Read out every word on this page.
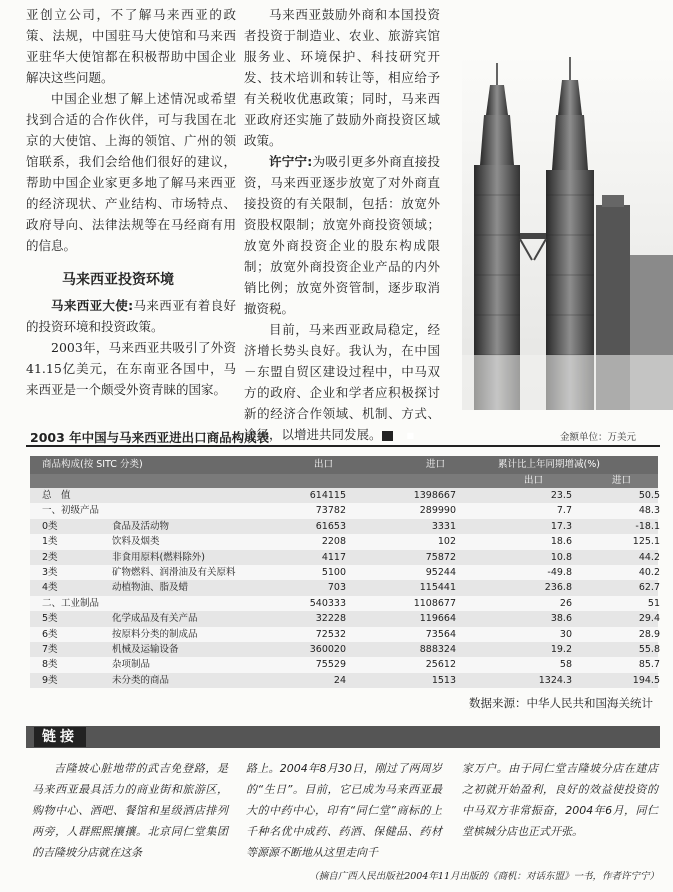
亚创立公司，不了解马来西亚的政策、法规，中国驻马大使馆和马来西亚驻华大使馆都在积极帮助中国企业解决这些问题。

中国企业想了解上述情况或希望找到合适的合作伙伴，可与我国在北京的大使馆、上海的领馆、广州的领馆联系，我们会给他们很好的建议，帮助中国企业家更多地了解马来西亚的经济现状、产业结构、市场特点、政府导向、法律法规等在马经商有用的信息。

马来西亚投资环境

马来西亚大使:马来西亚有着良好的投资环境和投资政策。

2003年，马来西亚共吸引了外资41.15亿美元，在东南亚各国中，马来西亚是一个颇受外资青睐的国家。

马来西亚鼓励外商和本国投资者投资于制造业、农业、旅游宾馆服务业、环境保护、科技研究开发、技术培训和转让等，相应给予有关税收优惠政策；同时，马来西亚政府还实施了鼓励外商投资区域政策。

许宁宁:为吸引更多外商直接投资，马来西亚逐步放宽了对外商直接投资的有关限制，包括：放宽外资股权限制；放宽外商投资领域；放宽外商投资企业的股东构成限制；放宽外商投资企业产品的内外销比例；放宽外资管制，逐步取消撤资税。

目前，马来西亚政局稳定，经济增长势头良好。我认为，在中国－东盟自贸区建设过程中，中马双方的政府、企业和学者应积极探讨新的经济合作领域、机制、方式、途径，以增进共同发展。	■

2003 年中国与马来西亚进出口商品构成表	金额单位：万美元
商品构成(按 SITC 分类)	出口	进口	累计比上年同期增减(%)
出口	进口
总　值	614115	1398667	23.5	50.5
一、初级产品	73782	289990	7.7	48.3
0类	食品及活动物	61653	3331	17.3	-18.1
1类	饮料及烟类	2208	102	18.6	125.1
2类	非食用原料(燃料除外)	4117	75872	10.8	44.2
3类	矿物燃料、润滑油及有关原料	5100	95244	-49.8	40.2
4类	动植物油、脂及蜡	703	115441	236.8	62.7
二、工业制品	540333	1108677	26	51
5类	化学成品及有关产品	32228	119664	38.6	29.4
6类	按原料分类的制成品	72532	73564	30	28.9
7类	机械及运输设备	360020	888324	19.2	55.8
8类	杂项制品	75529	25612	58	85.7
9类	未分类的商品	24	1513	1324.3	194.5
数据来源：中华人民共和国海关统计
链接

吉隆坡心脏地带的武吉免登路，是马来西亚最具活力的商业街和旅游区，购物中心、酒吧、餐馆和星级酒店排列两旁，人群熙熙攘攘。北京同仁堂集团的吉隆坡分店就在这条

路上。2004年8月30日，刚过了两周岁的“生日”。目前，它已成为马来西亚最大的中药中心，印有“同仁堂”商标的上千种名优中成药、药酒、保健品、药材等源源不断地从这里走向千

家万户。由于同仁堂吉隆坡分店在建店之初就开始盈利，良好的效益使投资的中马双方非常振奋，2004年6月，同仁堂槟城分店也正式开张。

（摘自广西人民出版社2004年11月出版的《商机：对话东盟》一书，作者许宁宁）
